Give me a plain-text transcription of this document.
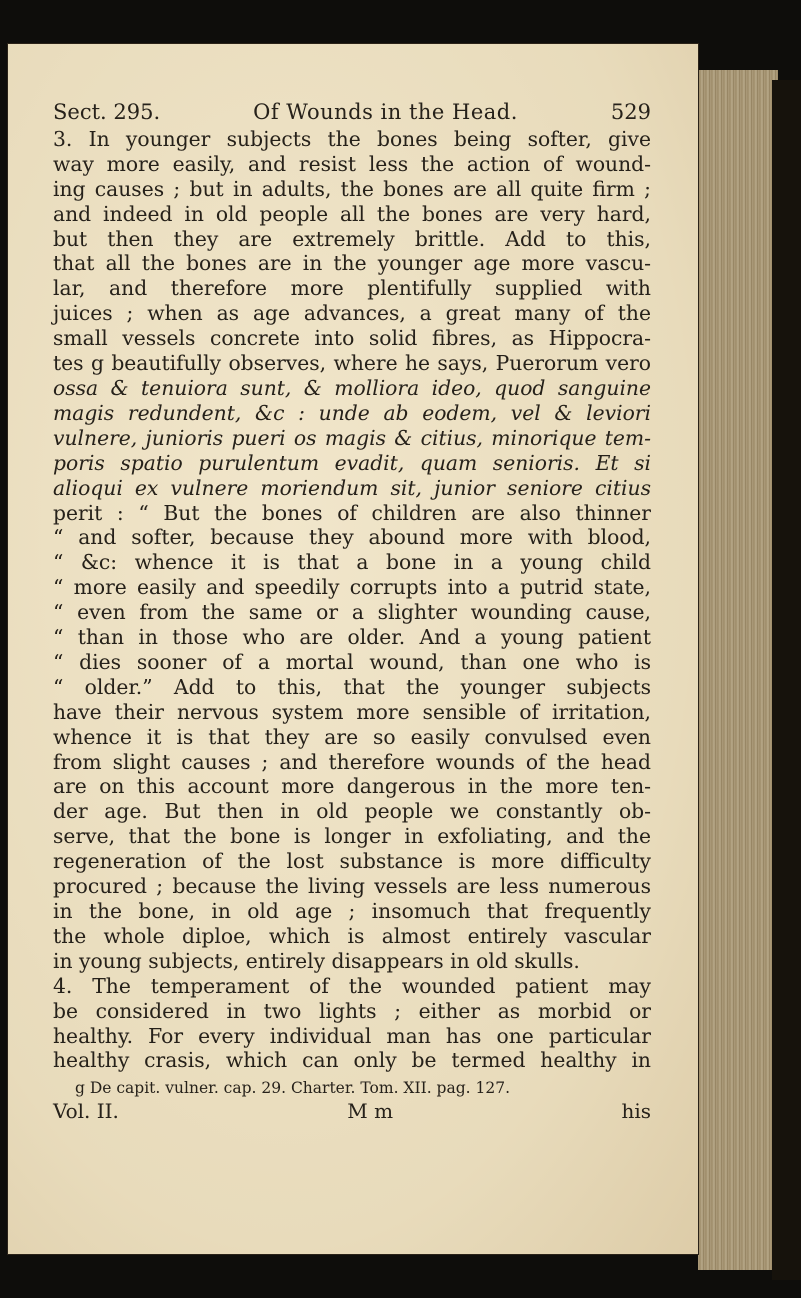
Sect. 295.	Of Wounds in the Head.	529
3. In younger subjects the bones being softer, give
way more easily, and resist less the action of wound-
ing causes ; but in adults, the bones are all quite firm ;
and indeed in old people all the bones are very hard,
but then they are extremely brittle. Add to this,
that all the bones are in the younger age more vascu-
lar, and therefore more plentifully supplied with
juices ; when as age advances, a great many of the
small vessels concrete into solid fibres, as Hippocra-
tes g beautifully observes, where he says, Puerorum vero
ossa & tenuiora sunt, & molliora ideo, quod sanguine
magis redundent, &c : unde ab eodem, vel & leviori
vulnere, junioris pueri os magis & citius, minorique tem-
poris spatio purulentum evadit, quam senioris. Et si
alioqui ex vulnere moriendum sit, junior seniore citius
perit : “ But the bones of children are also thinner
“ and softer, because they abound more with blood,
“ &c: whence it is that a bone in a young child
“ more easily and speedily corrupts into a putrid state,
“ even from the same or a slighter wounding cause,
“ than in those who are older. And a young patient
“ dies sooner of a mortal wound, than one who is
“ older.” Add to this, that the younger subjects
have their nervous system more sensible of irritation,
whence it is that they are so easily convulsed even
from slight causes ; and therefore wounds of the head
are on this account more dangerous in the more ten-
der age. But then in old people we constantly ob-
serve, that the bone is longer in exfoliating, and the
regeneration of the lost substance is more difficulty
procured ; because the living vessels are less numerous
in the bone, in old age ; insomuch that frequently
the whole diploe, which is almost entirely vascular
in young subjects, entirely disappears in old skulls.
4. The temperament of the wounded patient may
be considered in two lights ; either as morbid or
healthy. For every individual man has one particular
healthy crasis, which can only be termed healthy in
g De capit. vulner. cap. 29. Charter. Tom. XII. pag. 127.
Vol. II.	M m	his
